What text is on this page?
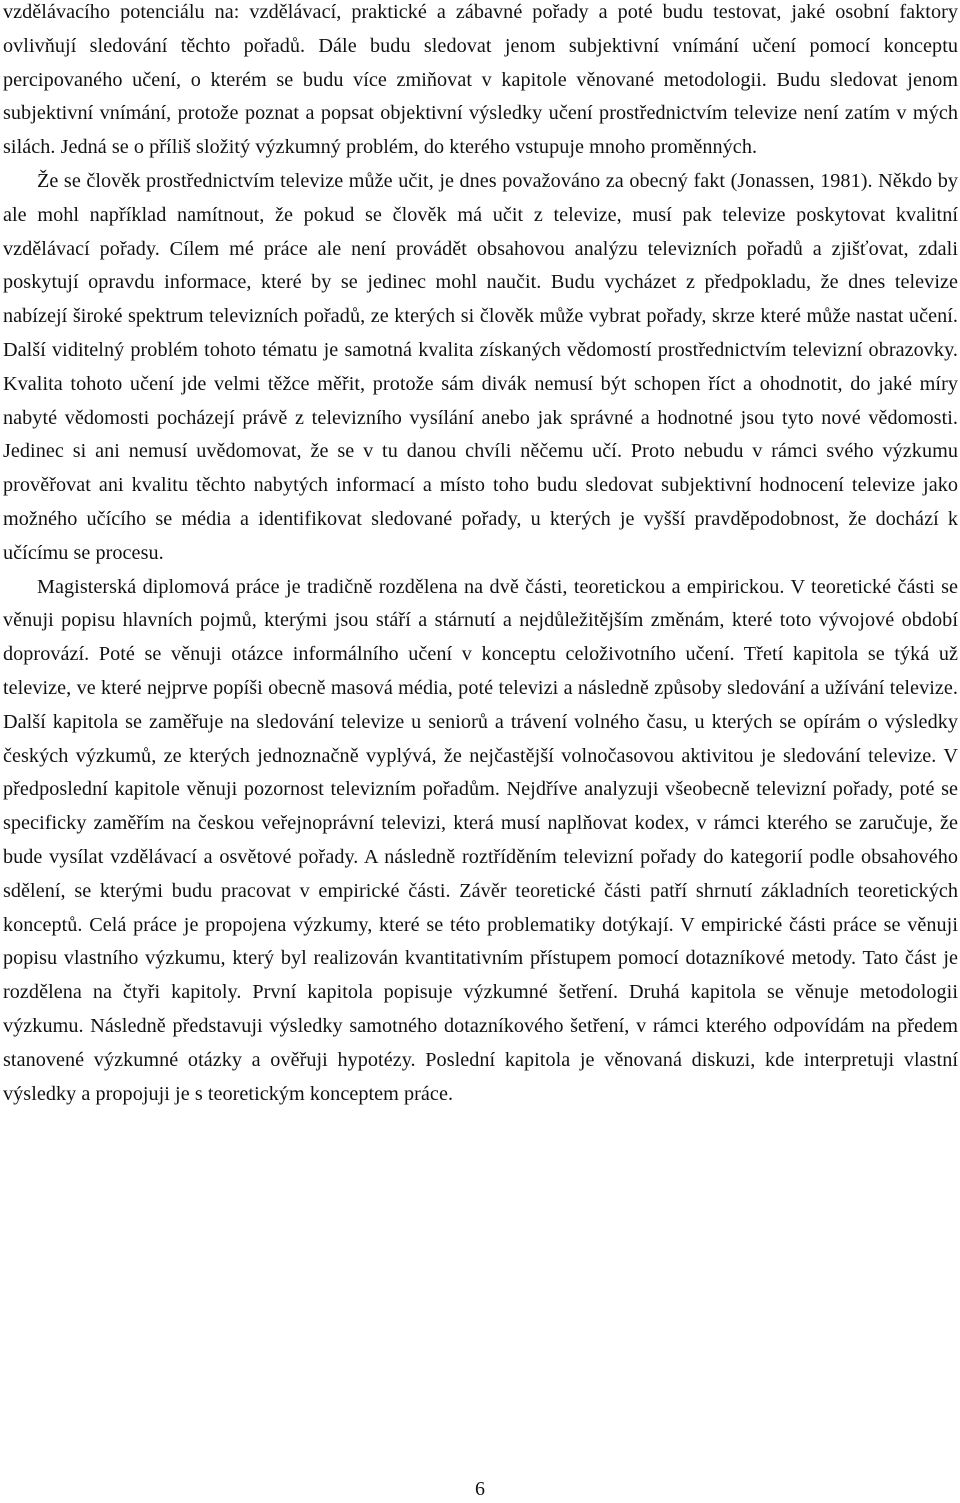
vzdělávacího potenciálu na: vzdělávací, praktické a zábavné pořady a poté budu testovat, jaké osobní faktory ovlivňují sledování těchto pořadů. Dále budu sledovat jenom subjektivní vnímání učení pomocí konceptu percipovaného učení, o kterém se budu více zmiňovat v kapitole věnované metodologii. Budu sledovat jenom subjektivní vnímání, protože poznat a popsat objektivní výsledky učení prostřednictvím televize není zatím v mých silách. Jedná se o příliš složitý výzkumný problém, do kterého vstupuje mnoho proměnných.

Že se člověk prostřednictvím televize může učit, je dnes považováno za obecný fakt (Jonassen, 1981). Někdo by ale mohl například namítnout, že pokud se člověk má učit z televize, musí pak televize poskytovat kvalitní vzdělávací pořady. Cílem mé práce ale není provádět obsahovou analýzu televizních pořadů a zjišťovat, zdali poskytují opravdu informace, které by se jedinec mohl naučit. Budu vycházet z předpokladu, že dnes televize nabízejí široké spektrum televizních pořadů, ze kterých si člověk může vybrat pořady, skrze které může nastat učení. Další viditelný problém tohoto tématu je samotná kvalita získaných vědomostí prostřednictvím televizní obrazovky. Kvalita tohoto učení jde velmi těžce měřit, protože sám divák nemusí být schopen říct a ohodnotit, do jaké míry nabyté vědomosti pocházejí právě z televizního vysílání anebo jak správné a hodnotné jsou tyto nové vědomosti. Jedinec si ani nemusí uvědomovat, že se v tu danou chvíli něčemu učí. Proto nebudu v rámci svého výzkumu prověřovat ani kvalitu těchto nabytých informací a místo toho budu sledovat subjektivní hodnocení televize jako možného učícího se média a identifikovat sledované pořady, u kterých je vyšší pravděpodobnost, že dochází k učícímu se procesu.

Magisterská diplomová práce je tradičně rozdělena na dvě části, teoretickou a empirickou. V teoretické části se věnuji popisu hlavních pojmů, kterými jsou stáří a stárnutí a nejdůležitějším změnám, které toto vývojové období doprovází. Poté se věnuji otázce informálního učení v konceptu celoživotního učení. Třetí kapitola se týká už televize, ve které nejprve popíši obecně masová média, poté televizi a následně způsoby sledování a užívání televize. Další kapitola se zaměřuje na sledování televize u seniorů a trávení volného času, u kterých se opírám o výsledky českých výzkumů, ze kterých jednoznačně vyplývá, že nejčastější volnočasovou aktivitou je sledování televize. V předposlední kapitole věnuji pozornost televizním pořadům. Nejdříve analyzuji všeobecně televizní pořady, poté se specificky zaměřím na českou veřejnoprávní televizi, která musí naplňovat kodex, v rámci kterého se zaručuje, že bude vysílat vzdělávací a osvětové pořady. A následně roztříděním televizní pořady do kategorií podle obsahového sdělení, se kterými budu pracovat v empirické části. Závěr teoretické části patří shrnutí základních teoretických konceptů. Celá práce je propojena výzkumy, které se této problematiky dotýkají. V empirické části práce se věnuji popisu vlastního výzkumu, který byl realizován kvantitativním přístupem pomocí dotazníkové metody. Tato část je rozdělena na čtyři kapitoly. První kapitola popisuje výzkumné šetření. Druhá kapitola se věnuje metodologii výzkumu. Následně představuji výsledky samotného dotazníkového šetření, v rámci kterého odpovídám na předem stanovené výzkumné otázky a ověřuji hypotézy. Poslední kapitola je věnovaná diskuzi, kde interpretuji vlastní výsledky a propojuji je s teoretickým konceptem práce.

6
